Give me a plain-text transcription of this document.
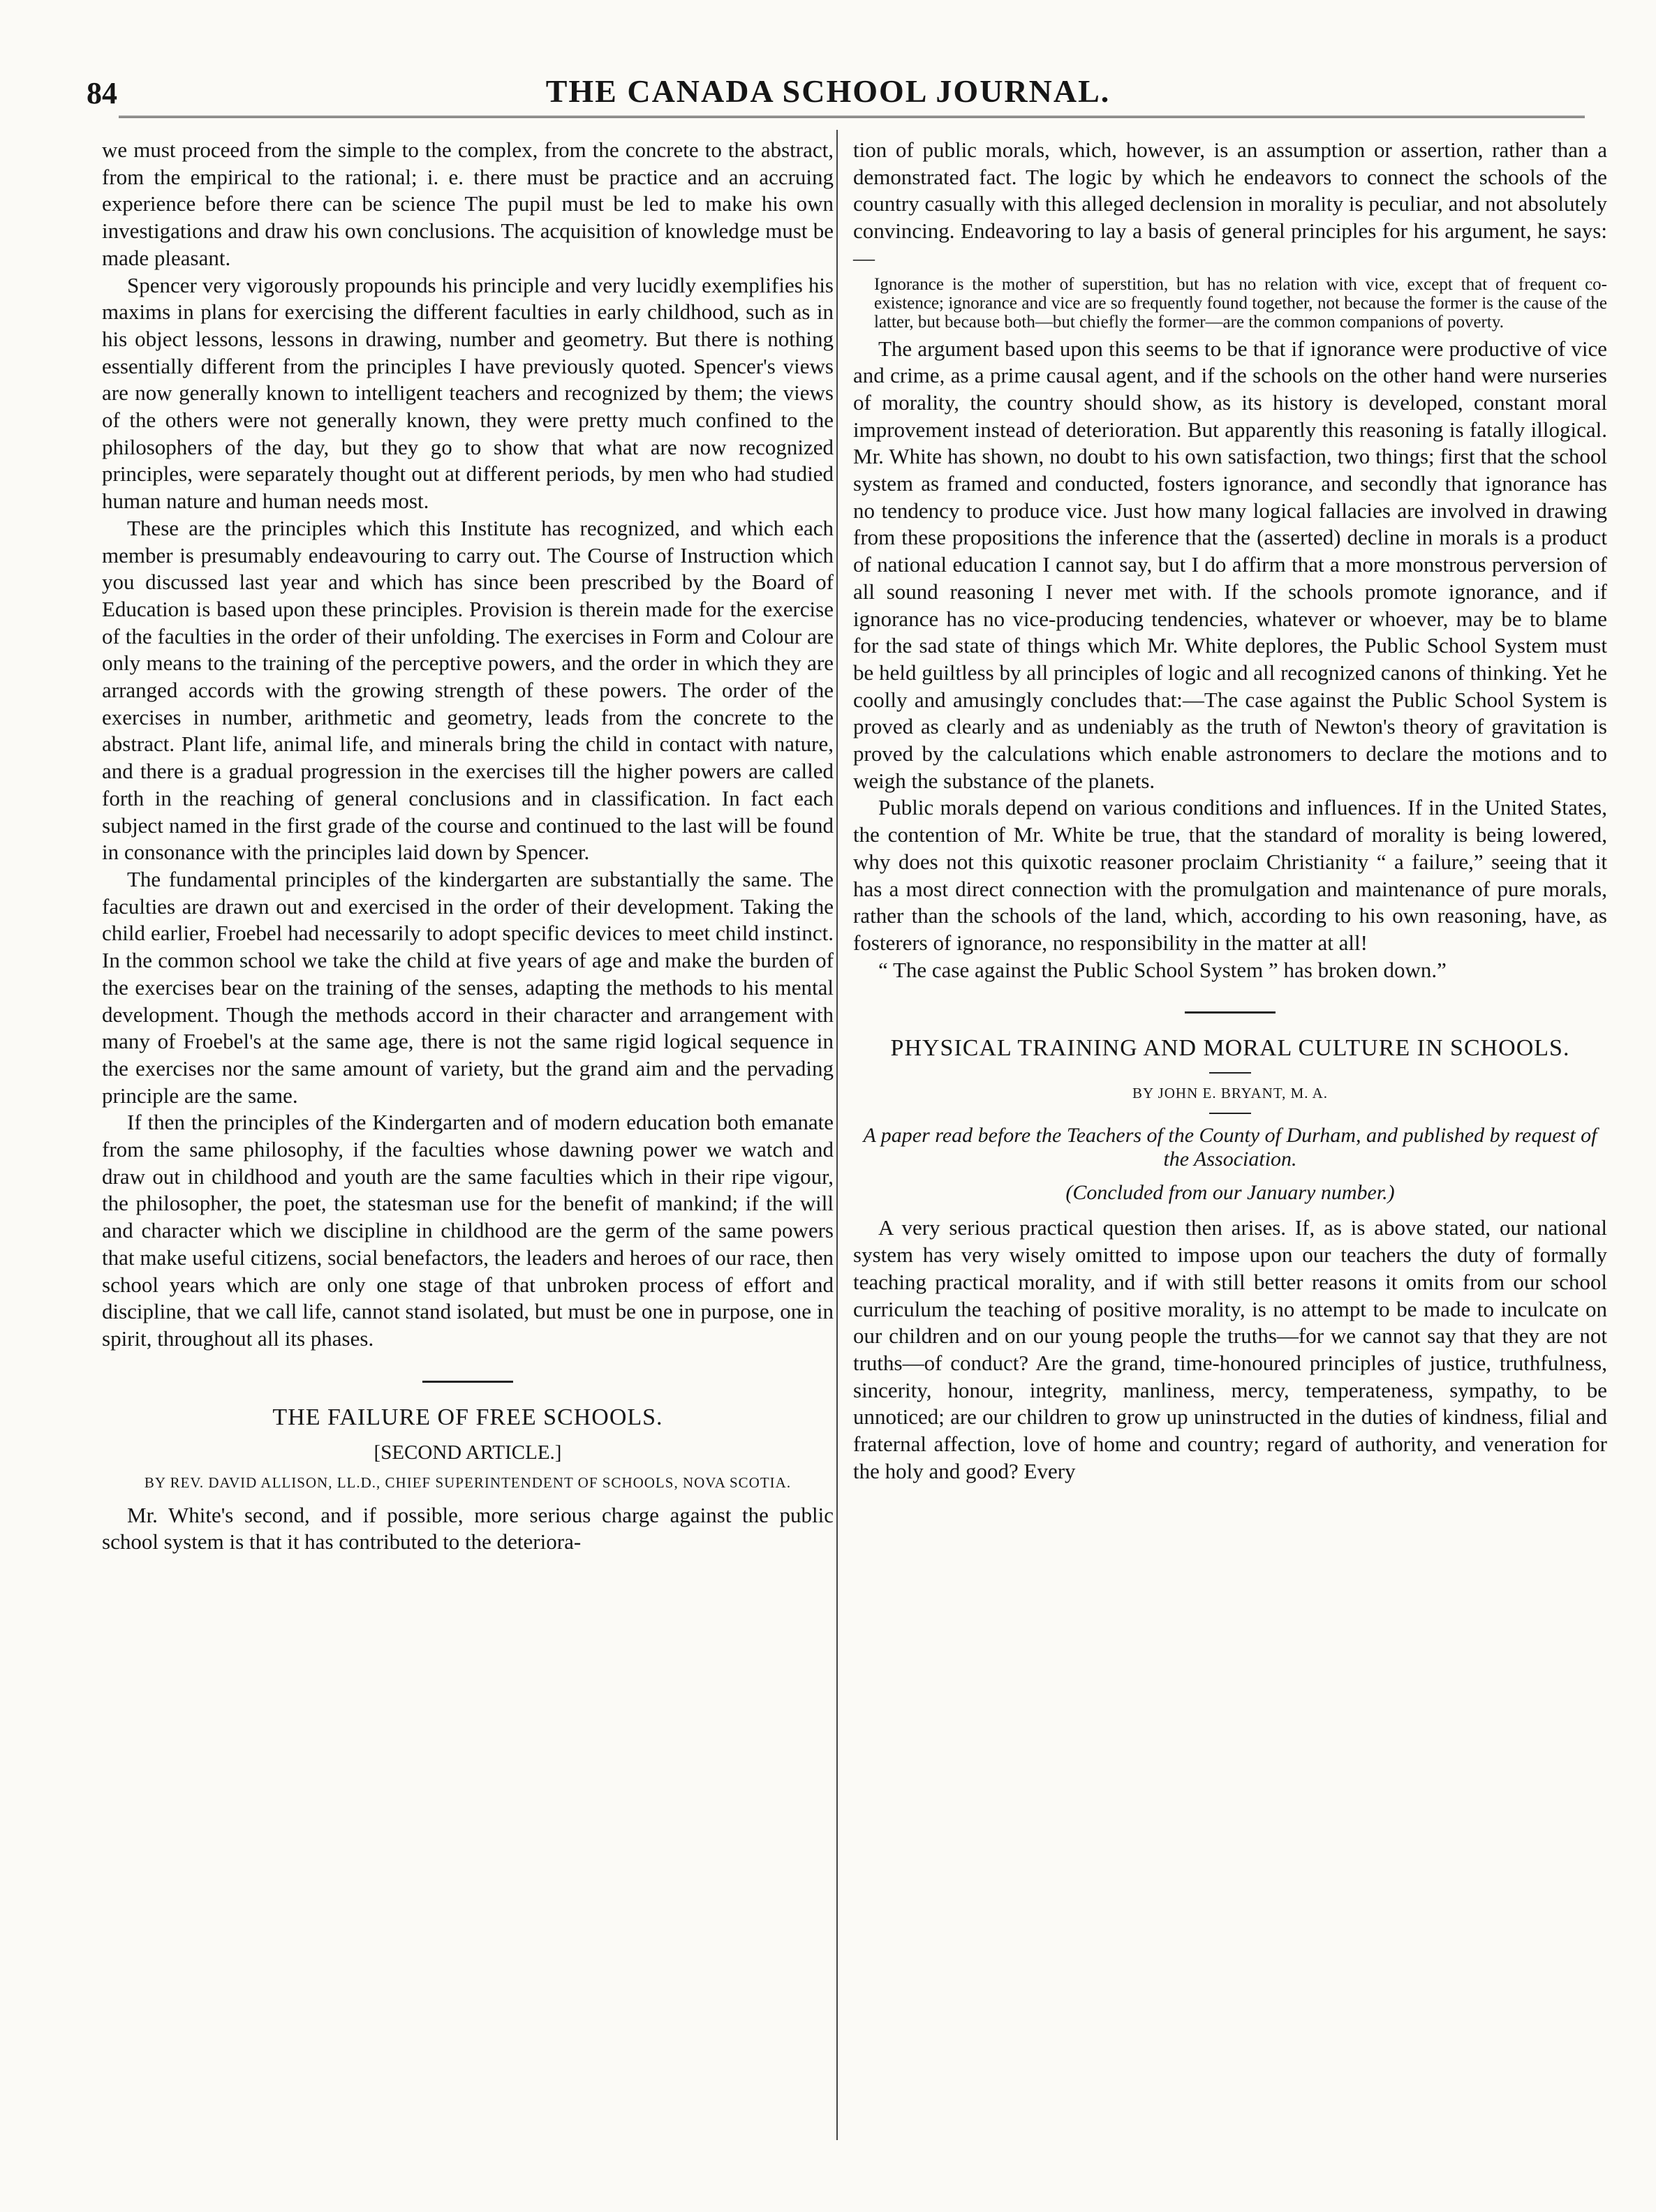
84	THE CANADA SCHOOL JOURNAL.

we must proceed from the simple to the complex, from the concrete to the abstract, from the empirical to the rational; i. e. there must be practice and an accruing experience before there can be science The pupil must be led to make his own investigations and draw his own conclusions. The acquisition of knowledge must be made pleasant.

Spencer very vigorously propounds his principle and very lucidly exemplifies his maxims in plans for exercising the different faculties in early childhood, such as in his object lessons, lessons in drawing, number and geometry. But there is nothing essentially different from the principles I have previously quoted. Spencer's views are now generally known to intelligent teachers and recognized by them; the views of the others were not generally known, they were pretty much confined to the philosophers of the day, but they go to show that what are now recognized principles, were separately thought out at different periods, by men who had studied human nature and human needs most.

These are the principles which this Institute has recognized, and which each member is presumably endeavouring to carry out. The Course of Instruction which you discussed last year and which has since been prescribed by the Board of Education is based upon these principles. Provision is therein made for the exercise of the faculties in the order of their unfolding. The exercises in Form and Colour are only means to the training of the perceptive powers, and the order in which they are arranged accords with the growing strength of these powers. The order of the exercises in number, arithmetic and geometry, leads from the concrete to the abstract. Plant life, animal life, and minerals bring the child in contact with nature, and there is a gradual progression in the exercises till the higher powers are called forth in the reaching of general conclusions and in classification. In fact each subject named in the first grade of the course and continued to the last will be found in consonance with the principles laid down by Spencer.

The fundamental principles of the kindergarten are substantially the same. The faculties are drawn out and exercised in the order of their development. Taking the child earlier, Froebel had necessarily to adopt specific devices to meet child instinct. In the common school we take the child at five years of age and make the burden of the exercises bear on the training of the senses, adapting the methods to his mental development. Though the methods accord in their character and arrangement with many of Froebel's at the same age, there is not the same rigid logical sequence in the exercises nor the same amount of variety, but the grand aim and the pervading principle are the same.

If then the principles of the Kindergarten and of modern education both emanate from the same philosophy, if the faculties whose dawning power we watch and draw out in childhood and youth are the same faculties which in their ripe vigour, the philosopher, the poet, the statesman use for the benefit of mankind; if the will and character which we discipline in childhood are the germ of the same powers that make useful citizens, social benefactors, the leaders and heroes of our race, then school years which are only one stage of that unbroken process of effort and discipline, that we call life, cannot stand isolated, but must be one in purpose, one in spirit, throughout all its phases.

THE FAILURE OF FREE SCHOOLS.
[SECOND ARTICLE.]
BY REV. DAVID ALLISON, LL.D., CHIEF SUPERINTENDENT OF SCHOOLS, NOVA SCOTIA.

Mr. White's second, and if possible, more serious charge against the public school system is that it has contributed to the deteriora-

tion of public morals, which, however, is an assumption or assertion, rather than a demonstrated fact. The logic by which he endeavors to connect the schools of the country casually with this alleged declension in morality is peculiar, and not absolutely convincing. Endeavoring to lay a basis of general principles for his argument, he says:—

Ignorance is the mother of superstition, but has no relation with vice, except that of frequent co-existence; ignorance and vice are so frequently found together, not because the former is the cause of the latter, but because both—but chiefly the former—are the common companions of poverty.

The argument based upon this seems to be that if ignorance were productive of vice and crime, as a prime causal agent, and if the schools on the other hand were nurseries of morality, the country should show, as its history is developed, constant moral improvement instead of deterioration. But apparently this reasoning is fatally illogical. Mr. White has shown, no doubt to his own satisfaction, two things; first that the school system as framed and conducted, fosters ignorance, and secondly that ignorance has no tendency to produce vice. Just how many logical fallacies are involved in drawing from these propositions the inference that the (asserted) decline in morals is a product of national education I cannot say, but I do affirm that a more monstrous perversion of all sound reasoning I never met with. If the schools promote ignorance, and if ignorance has no vice-producing tendencies, whatever or whoever, may be to blame for the sad state of things which Mr. White deplores, the Public School System must be held guiltless by all principles of logic and all recognized canons of thinking. Yet he coolly and amusingly concludes that:—The case against the Public School System is proved as clearly and as undeniably as the truth of Newton's theory of gravitation is proved by the calculations which enable astronomers to declare the motions and to weigh the substance of the planets.

Public morals depend on various conditions and influences. If in the United States, the contention of Mr. White be true, that the standard of morality is being lowered, why does not this quixotic reasoner proclaim Christianity “ a failure,” seeing that it has a most direct connection with the promulgation and maintenance of pure morals, rather than the schools of the land, which, according to his own reasoning, have, as fosterers of ignorance, no responsibility in the matter at all!

“ The case against the Public School System ” has broken down.”

PHYSICAL TRAINING AND MORAL CULTURE IN SCHOOLS.
BY JOHN E. BRYANT, M. A.
A paper read before the Teachers of the County of Durham, and published by request of the Association.
(Concluded from our January number.)

A very serious practical question then arises. If, as is above stated, our national system has very wisely omitted to impose upon our teachers the duty of formally teaching practical morality, and if with still better reasons it omits from our school curriculum the teaching of positive morality, is no attempt to be made to inculcate on our children and on our young people the truths—for we cannot say that they are not truths—of conduct? Are the grand, time-honoured principles of justice, truthfulness, sincerity, honour, integrity, manliness, mercy, temperateness, sympathy, to be unnoticed; are our children to grow up uninstructed in the duties of kindness, filial and fraternal affection, love of home and country; regard of authority, and veneration for the holy and good? Every
